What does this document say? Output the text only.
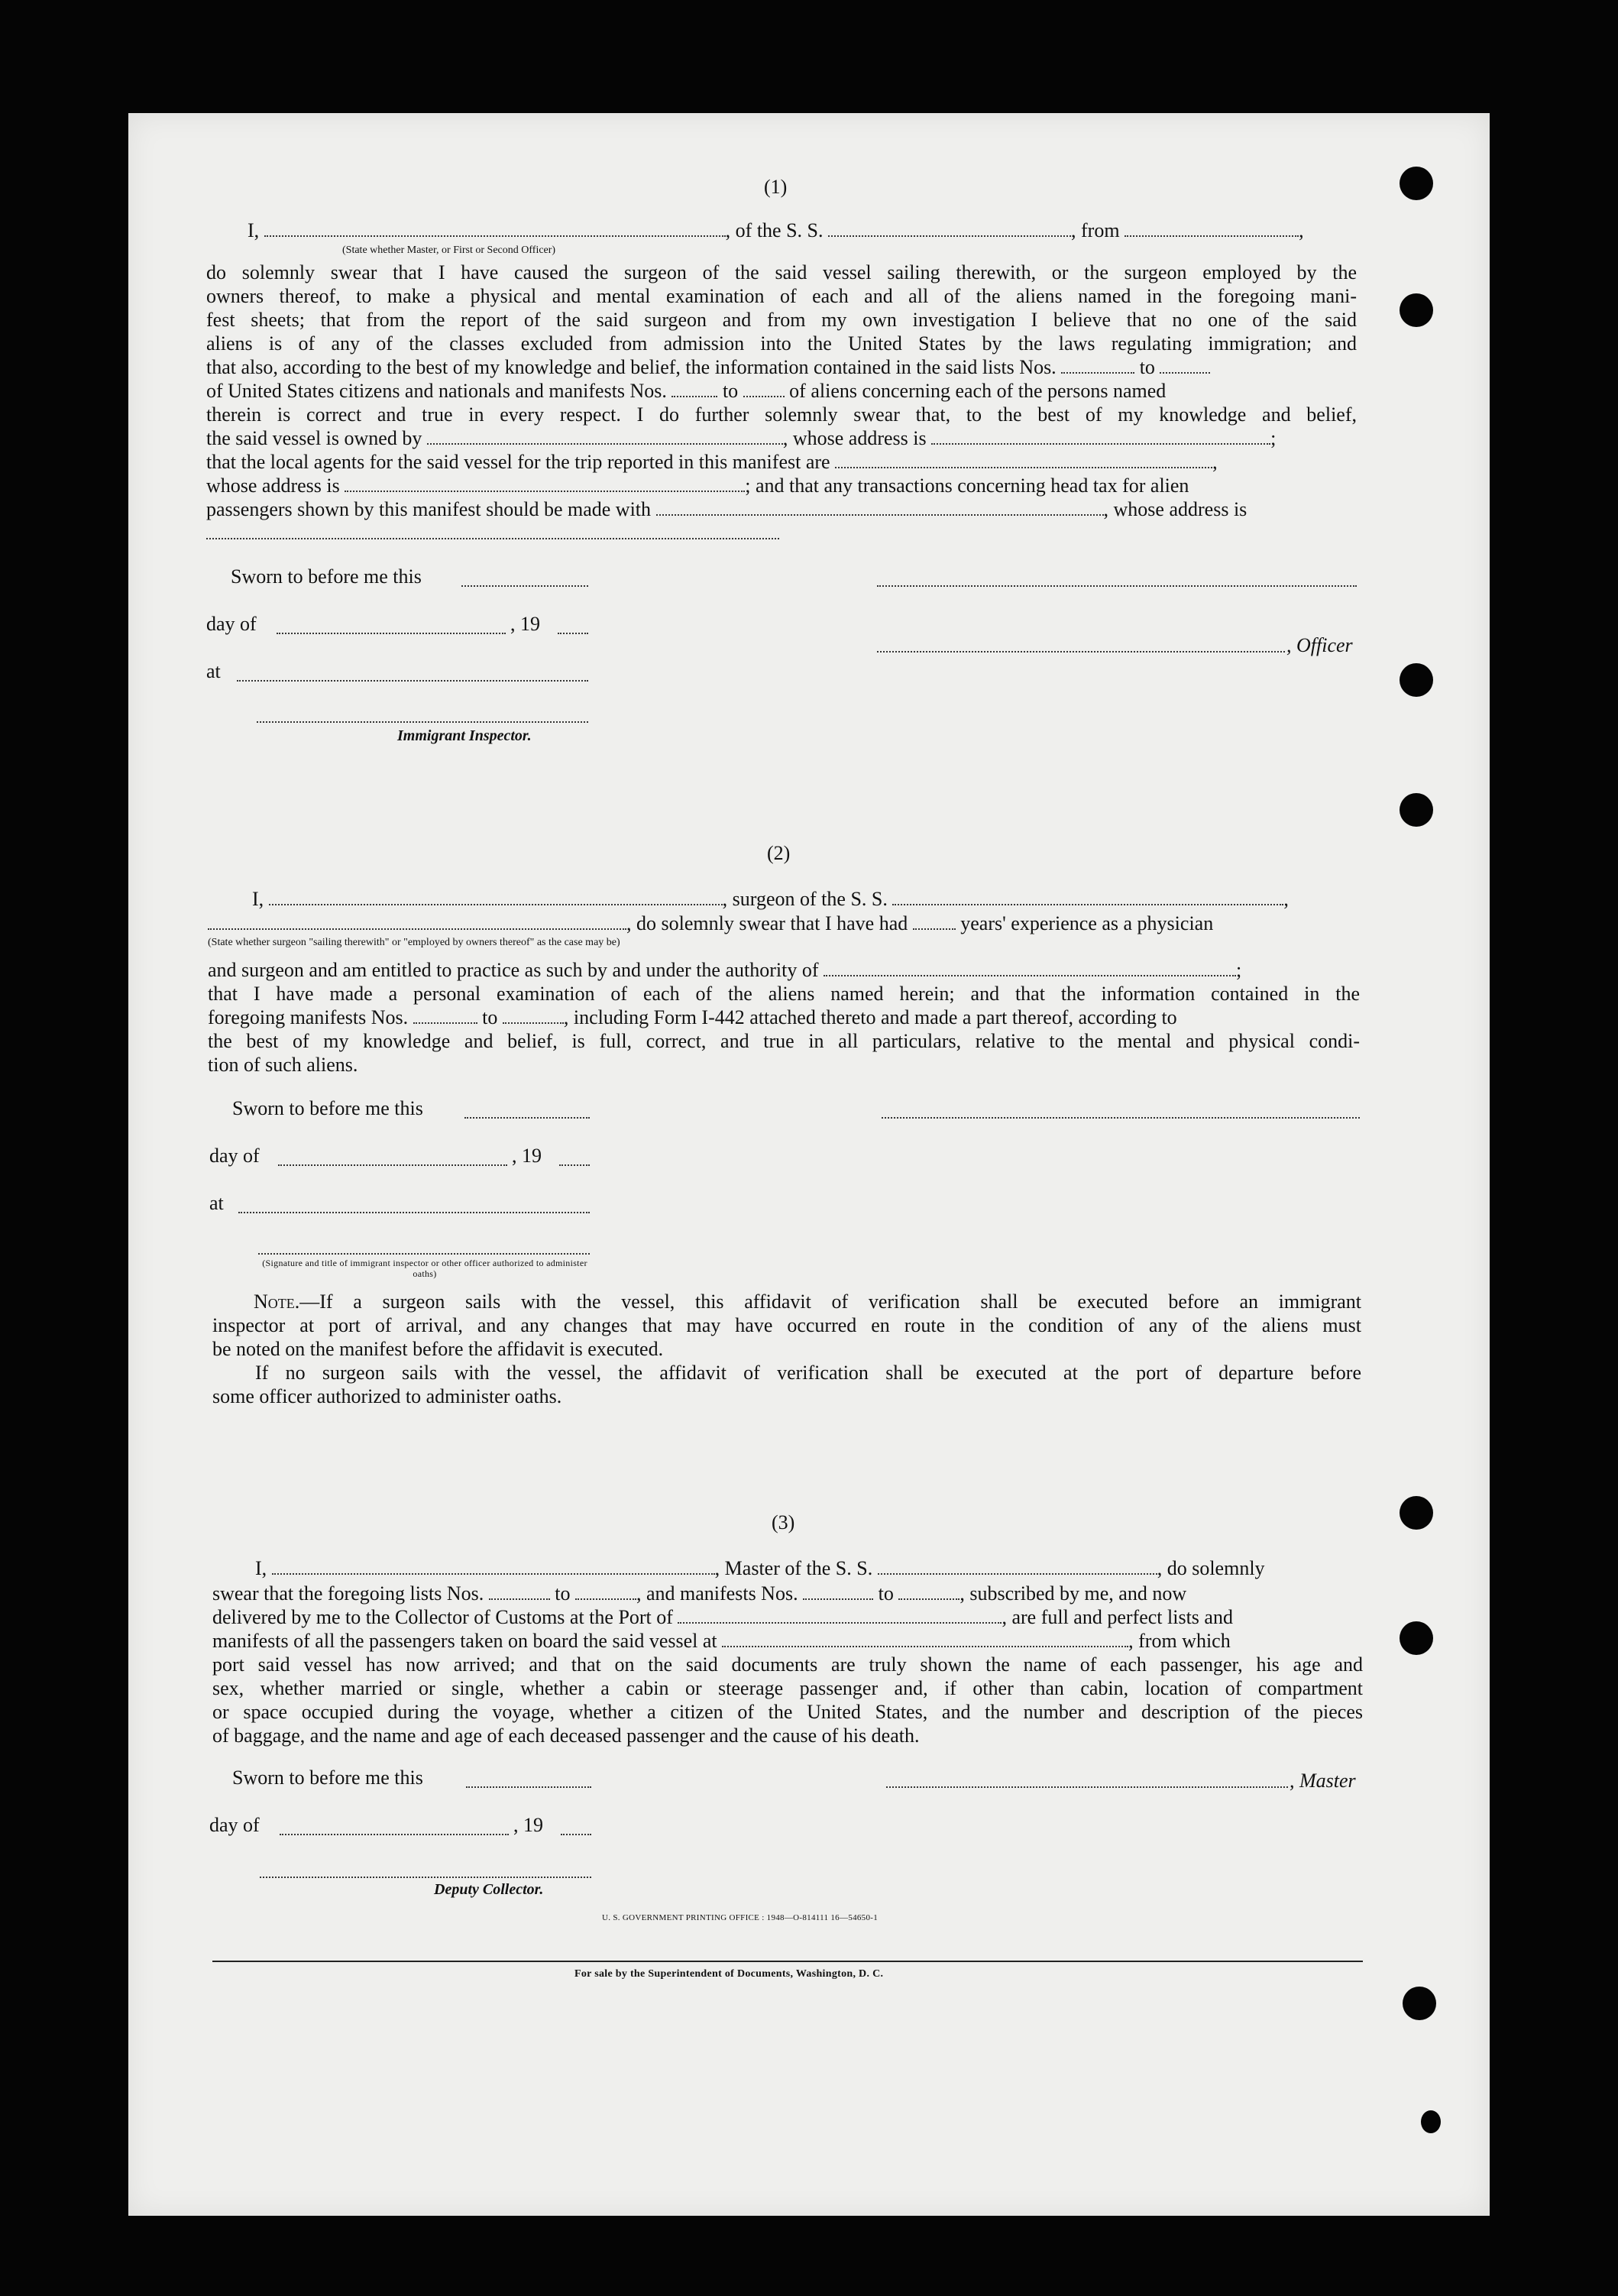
(1)
I,	, of the S. S.	, from	,
(State whether Master, or First or Second Officer)
do solemnly swear that I have caused the surgeon of the said vessel sailing therewith, or the surgeon employed by the
owners thereof, to make a physical and mental examination of each and all of the aliens named in the foregoing mani-
fest sheets; that from the report of the said surgeon and from my own investigation I believe that no one of the said
aliens is of any of the classes excluded from admission into the United States by the laws regulating immigration; and
that also, according to the best of my knowledge and belief, the information contained in the said lists Nos.	to
of United States citizens and nationals and manifests Nos.	to	of aliens concerning each of the persons named
therein is correct and true in every respect. I do further solemnly swear that, to the best of my knowledge and belief,
the said vessel is owned by	, whose address is	;
that the local agents for the said vessel for the trip reported in this manifest are	,
whose address is	; and that any transactions concerning head tax for alien
passengers shown by this manifest should be made with	, whose address is
Sworn to before me this
day of	, 19
, Officer
at
Immigrant Inspector.
(2)
I,	, surgeon of the S. S.	,
, do solemnly swear that I have had	years' experience as a physician
(State whether surgeon "sailing therewith" or "employed by owners thereof" as the case may be)
and surgeon and am entitled to practice as such by and under the authority of	;
that I have made a personal examination of each of the aliens named herein; and that the information contained in the
foregoing manifests Nos.	to	, including Form I-442 attached thereto and made a part thereof, according to
the best of my knowledge and belief, is full, correct, and true in all particulars, relative to the mental and physical condi-
tion of such aliens.
Sworn to before me this
day of	, 19
at
(Signature and title of immigrant inspector or other officer authorized to administer oaths)
Note.—If a surgeon sails with the vessel, this affidavit of verification shall be executed before an immigrant
inspector at port of arrival, and any changes that may have occurred en route in the condition of any of the aliens must
be noted on the manifest before the affidavit is executed.
If no surgeon sails with the vessel, the affidavit of verification shall be executed at the port of departure before
some officer authorized to administer oaths.
(3)
I,	, Master of the S. S.	, do solemnly
swear that the foregoing lists Nos.	to	, and manifests Nos.	to	, subscribed by me, and now
delivered by me to the Collector of Customs at the Port of	, are full and perfect lists and
manifests of all the passengers taken on board the said vessel at	, from which
port said vessel has now arrived; and that on the said documents are truly shown the name of each passenger, his age and
sex, whether married or single, whether a cabin or steerage passenger and, if other than cabin, location of compartment
or space occupied during the voyage, whether a citizen of the United States, and the number and description of the pieces
of baggage, and the name and age of each deceased passenger and the cause of his death.
Sworn to before me this	, Master
day of	, 19
Deputy Collector.
U. S. GOVERNMENT PRINTING OFFICE : 1948—O-814111 16—54650-1
For sale by the Superintendent of Documents, Washington, D. C.
